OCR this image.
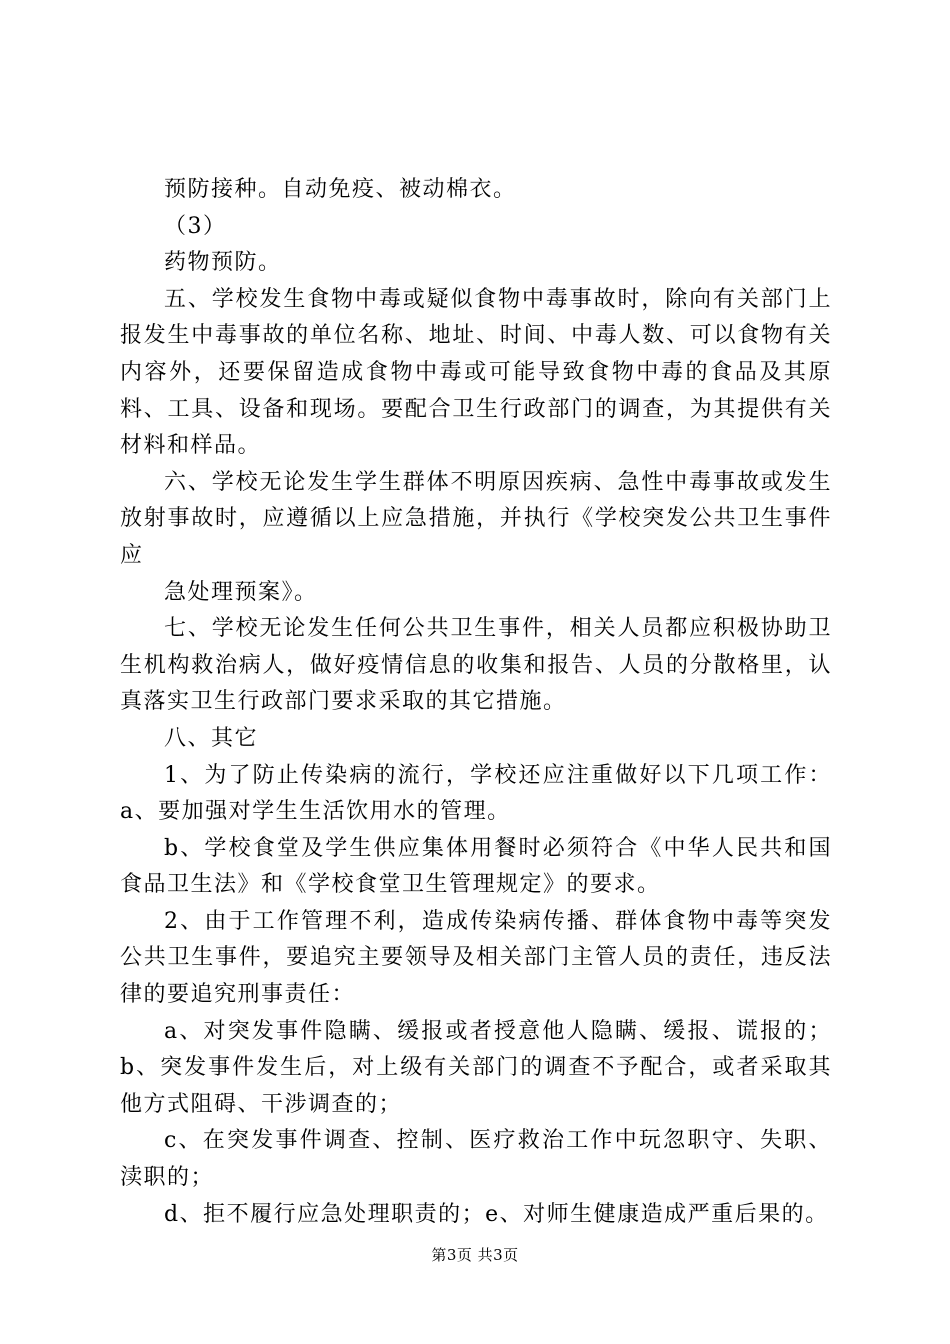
预防接种。自动免疫、被动棉衣。

（3）

药物预防。

五、学校发生食物中毒或疑似食物中毒事故时，除向有关部门上报发生中毒事故的单位名称、地址、时间、中毒人数、可以食物有关内容外，还要保留造成食物中毒或可能导致食物中毒的食品及其原料、工具、设备和现场。要配合卫生行政部门的调查，为其提供有关材料和样品。

六、学校无论发生学生群体不明原因疾病、急性中毒事故或发生放射事故时，应遵循以上应急措施，并执行《学校突发公共卫生事件应

急处理预案》。

七、学校无论发生任何公共卫生事件，相关人员都应积极协助卫生机构救治病人，做好疫情信息的收集和报告、人员的分散格里，认真落实卫生行政部门要求采取的其它措施。

八、其它

1、为了防止传染病的流行，学校还应注重做好以下几项工作：a、要加强对学生生活饮用水的管理。

b、学校食堂及学生供应集体用餐时必须符合《中华人民共和国食品卫生法》和《学校食堂卫生管理规定》的要求。

2、由于工作管理不利，造成传染病传播、群体食物中毒等突发公共卫生事件，要追究主要领导及相关部门主管人员的责任，违反法律的要追究刑事责任：

a、对突发事件隐瞒、缓报或者授意他人隐瞒、缓报、谎报的；b、突发事件发生后，对上级有关部门的调查不予配合，或者采取其他方式阻碍、干涉调查的；

c、在突发事件调查、控制、医疗救治工作中玩忽职守、失职、渎职的；

d、拒不履行应急处理职责的；e、对师生健康造成严重后果的。

第3页 共3页
